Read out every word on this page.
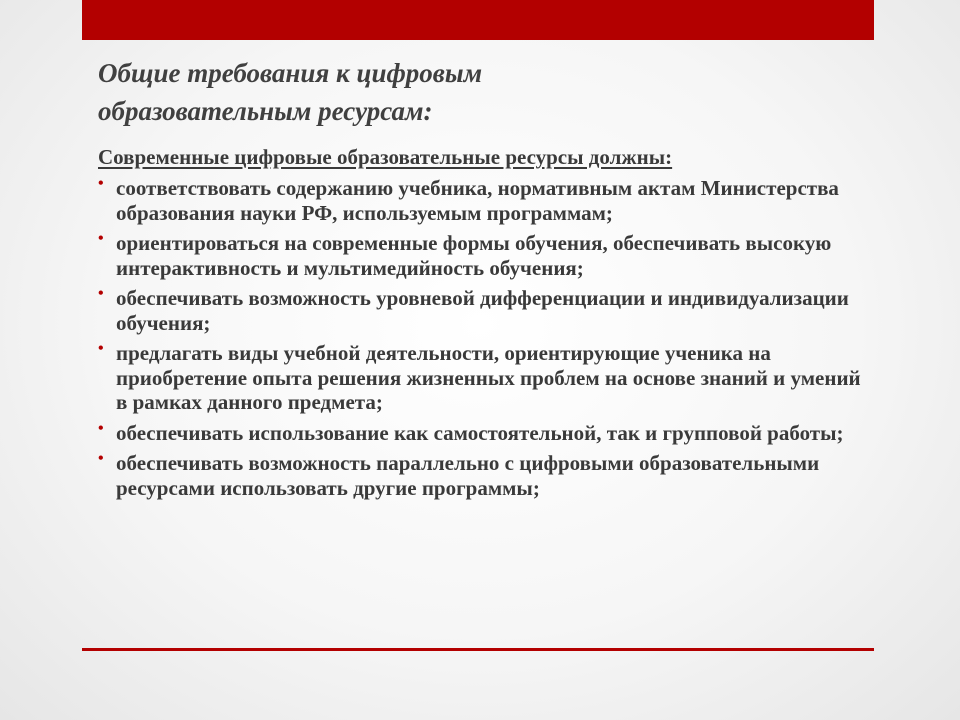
Общие требования к цифровым
образовательным ресурсам:
Современные цифровые образовательные ресурсы должны:
• соответствовать содержанию учебника, нормативным актам Министерства образования науки РФ, используемым программам;
• ориентироваться на современные формы обучения, обеспечивать высокую интерактивность и мультимедийность обучения;
• обеспечивать возможность уровневой дифференциации и индивидуализации обучения;
• предлагать виды учебной деятельности, ориентирующие ученика на приобретение опыта решения жизненных проблем на основе знаний и умений в рамках данного предмета;
• обеспечивать использование как самостоятельной, так и групповой работы;
• обеспечивать возможность параллельно с цифровыми образовательными ресурсами использовать другие программы;
